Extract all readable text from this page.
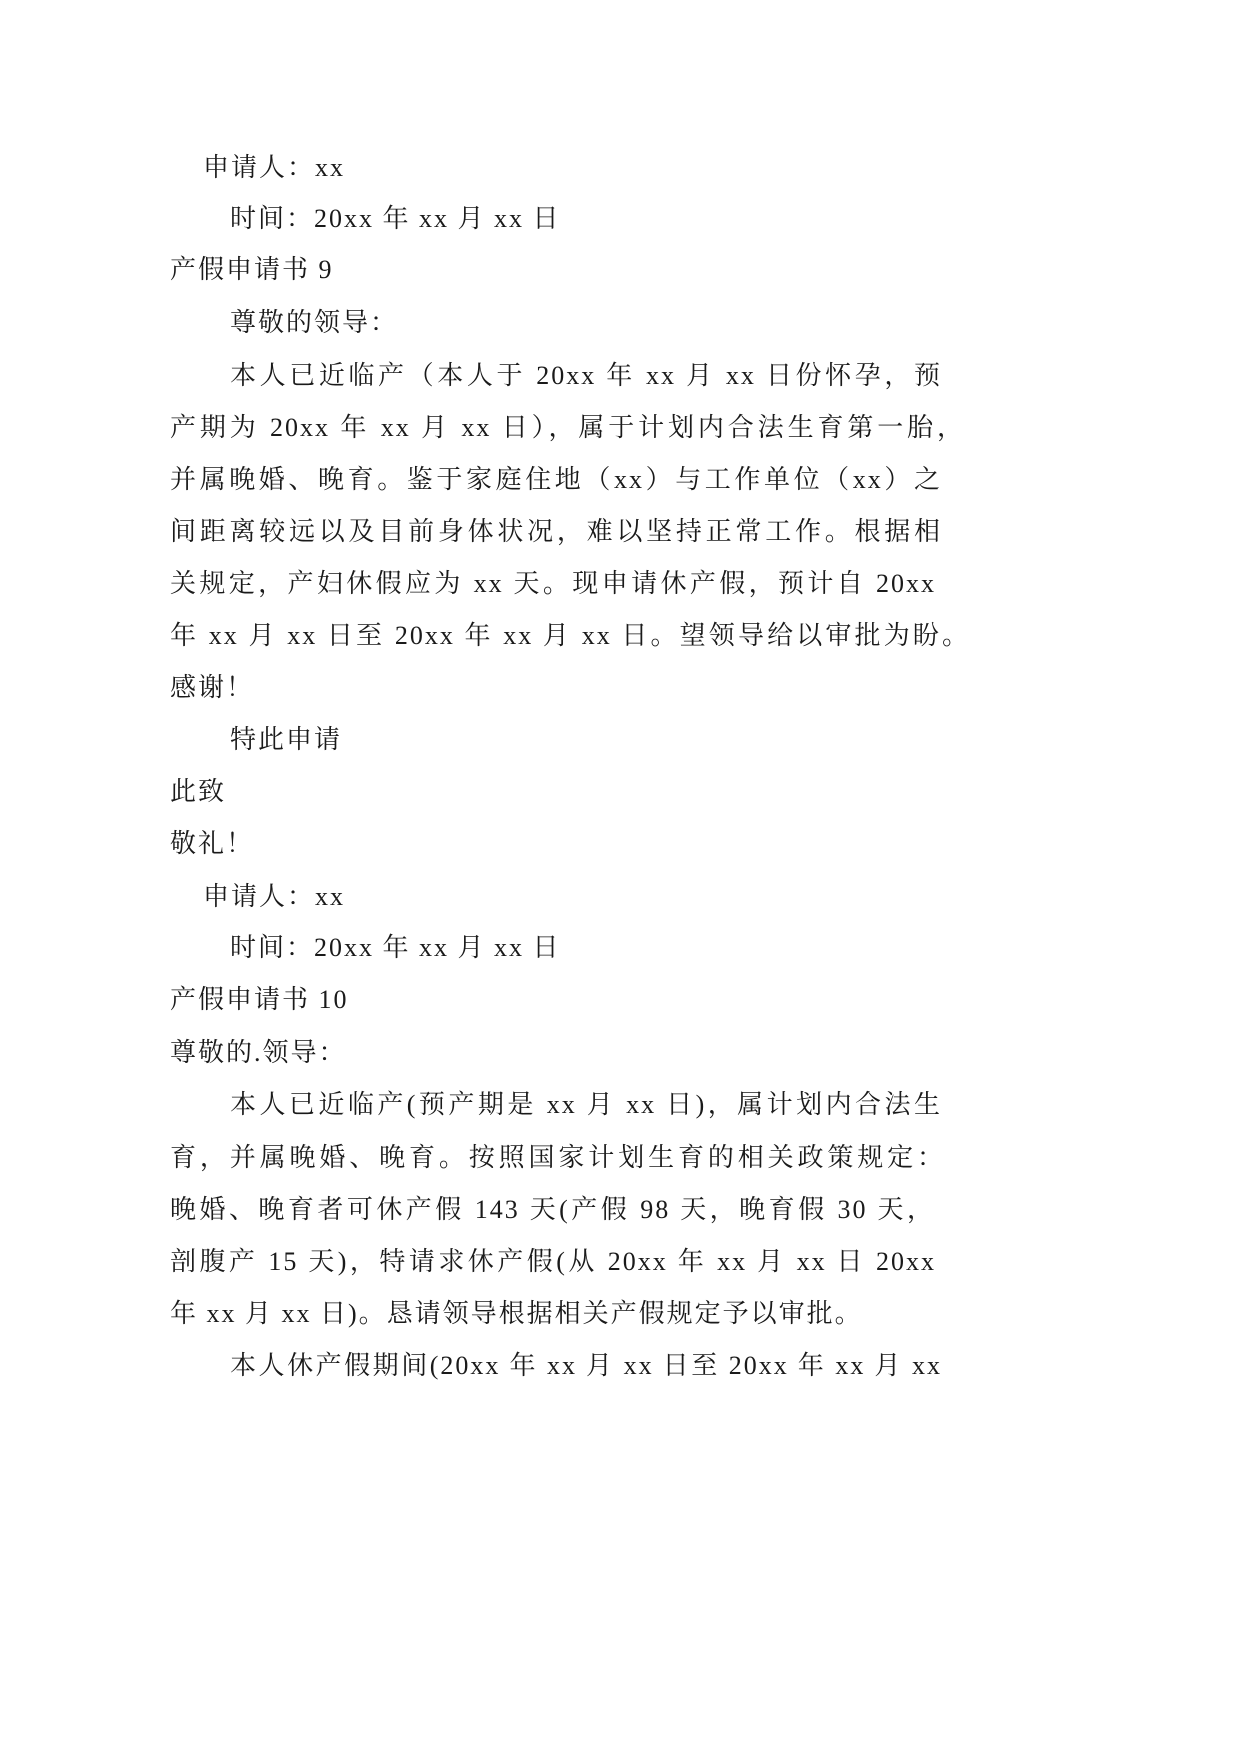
申请人：xx
时间：20xx 年 xx 月 xx 日
产假申请书 9
尊敬的领导：
本人已近临产（本人于 20xx 年 xx 月 xx 日份怀孕，预
产期为 20xx 年 xx 月 xx 日），属于计划内合法生育第一胎，
并属晚婚、晚育。鉴于家庭住地（xx）与工作单位（xx）之
间距离较远以及目前身体状况，难以坚持正常工作。根据相
关规定，产妇休假应为 xx 天。现申请休产假，预计自 20xx
年 xx 月 xx 日至 20xx 年 xx 月 xx 日。望领导给以审批为盼。
感谢！
特此申请
此致
敬礼！
申请人：xx
时间：20xx 年 xx 月 xx 日
产假申请书 10
尊敬的.领导：
本人已近临产(预产期是 xx 月 xx 日)，属计划内合法生
育，并属晚婚、晚育。按照国家计划生育的相关政策规定：
晚婚、晚育者可休产假 143 天(产假 98 天，晚育假 30 天，
剖腹产 15 天)，特请求休产假(从 20xx 年 xx 月 xx 日 20xx
年 xx 月 xx 日)。恳请领导根据相关产假规定予以审批。
本人休产假期间(20xx 年 xx 月 xx 日至 20xx 年 xx 月 xx
